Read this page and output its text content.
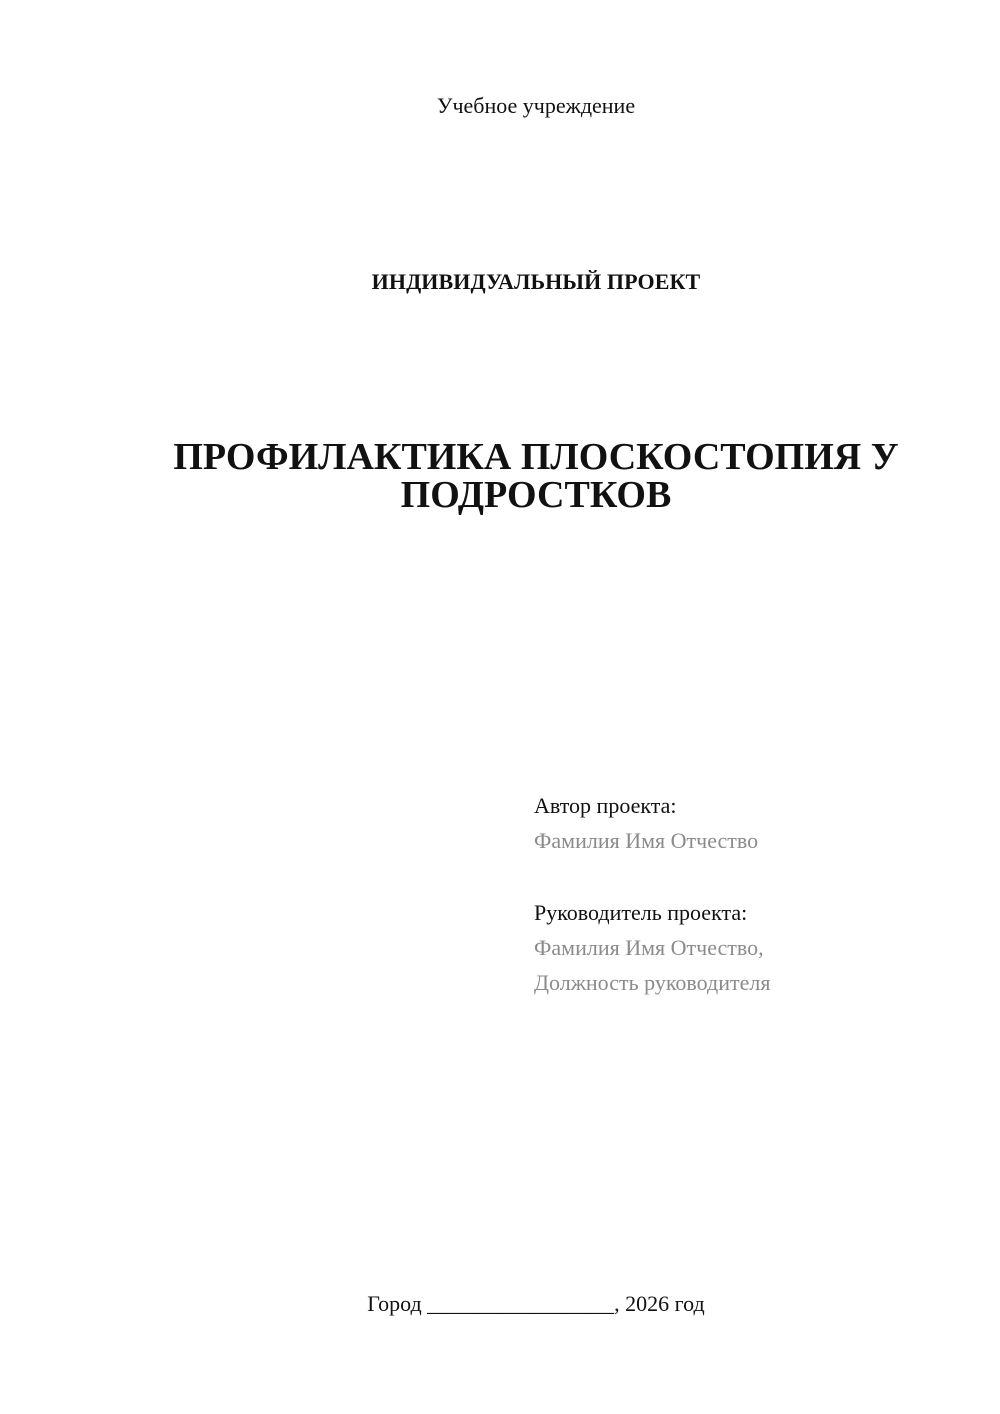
Учебное учреждение
ИНДИВИДУАЛЬНЫЙ ПРОЕКТ
ПРОФИЛАКТИКА ПЛОСКОСТОПИЯ У
ПОДРОСТКОВ
Автор проекта:
Фамилия Имя Отчество
Руководитель проекта:
Фамилия Имя Отчество,
Должность руководителя
Город _________________, 2026 год
